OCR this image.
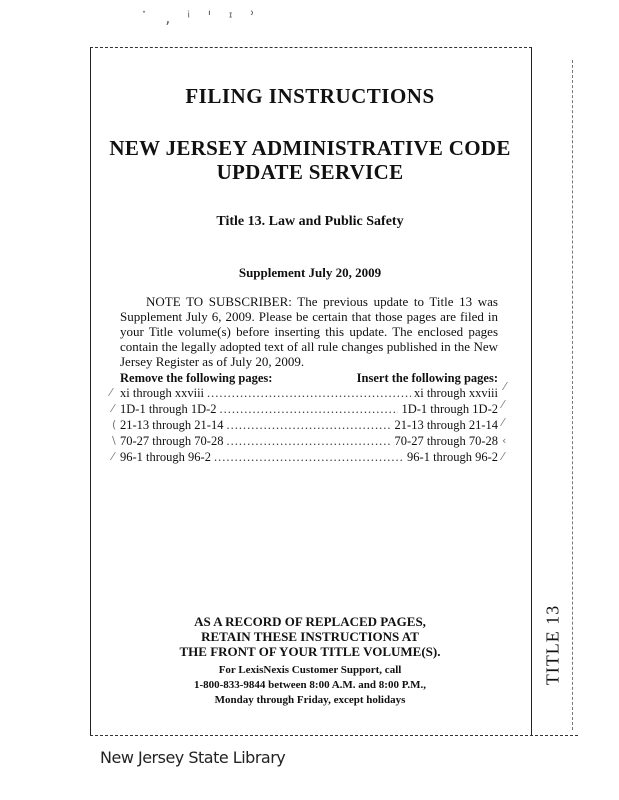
˙ ‚ ⁱ ˈ ᶦ ʾ
FILING INSTRUCTIONS
NEW JERSEY ADMINISTRATIVE CODE
UPDATE SERVICE
Title 13. Law and Public Safety
Supplement July 20, 2009
NOTE TO SUBSCRIBER: The previous update to Title 13 was Supplement July 6, 2009. Please be certain that those pages are filed in your Title volume(s) before inserting this update. The enclosed pages contain the legally adopted text of all rule changes published in the New Jersey Register as of July 20, 2009.
Remove the following pages:	Insert the following pages:
xi through xxviii .....	xi through xxviii
1D-1 through 1D-2 .....	1D-1 through 1D-2
21-13 through 21-14 .....	21-13 through 21-14
70-27 through 70-28 .....	70-27 through 70-28
96-1 through 96-2 .....	96-1 through 96-2
⁄
⁄
(
\
⁄
⁄
⁄
⁄
‹
⁄
AS A RECORD OF REPLACED PAGES,
RETAIN THESE INSTRUCTIONS AT
THE FRONT OF YOUR TITLE VOLUME(S).
For LexisNexis Customer Support, call
1-800-833-9844 between 8:00 A.M. and 8:00 P.M.,
Monday through Friday, except holidays
TITLE 13
New Jersey State Library
